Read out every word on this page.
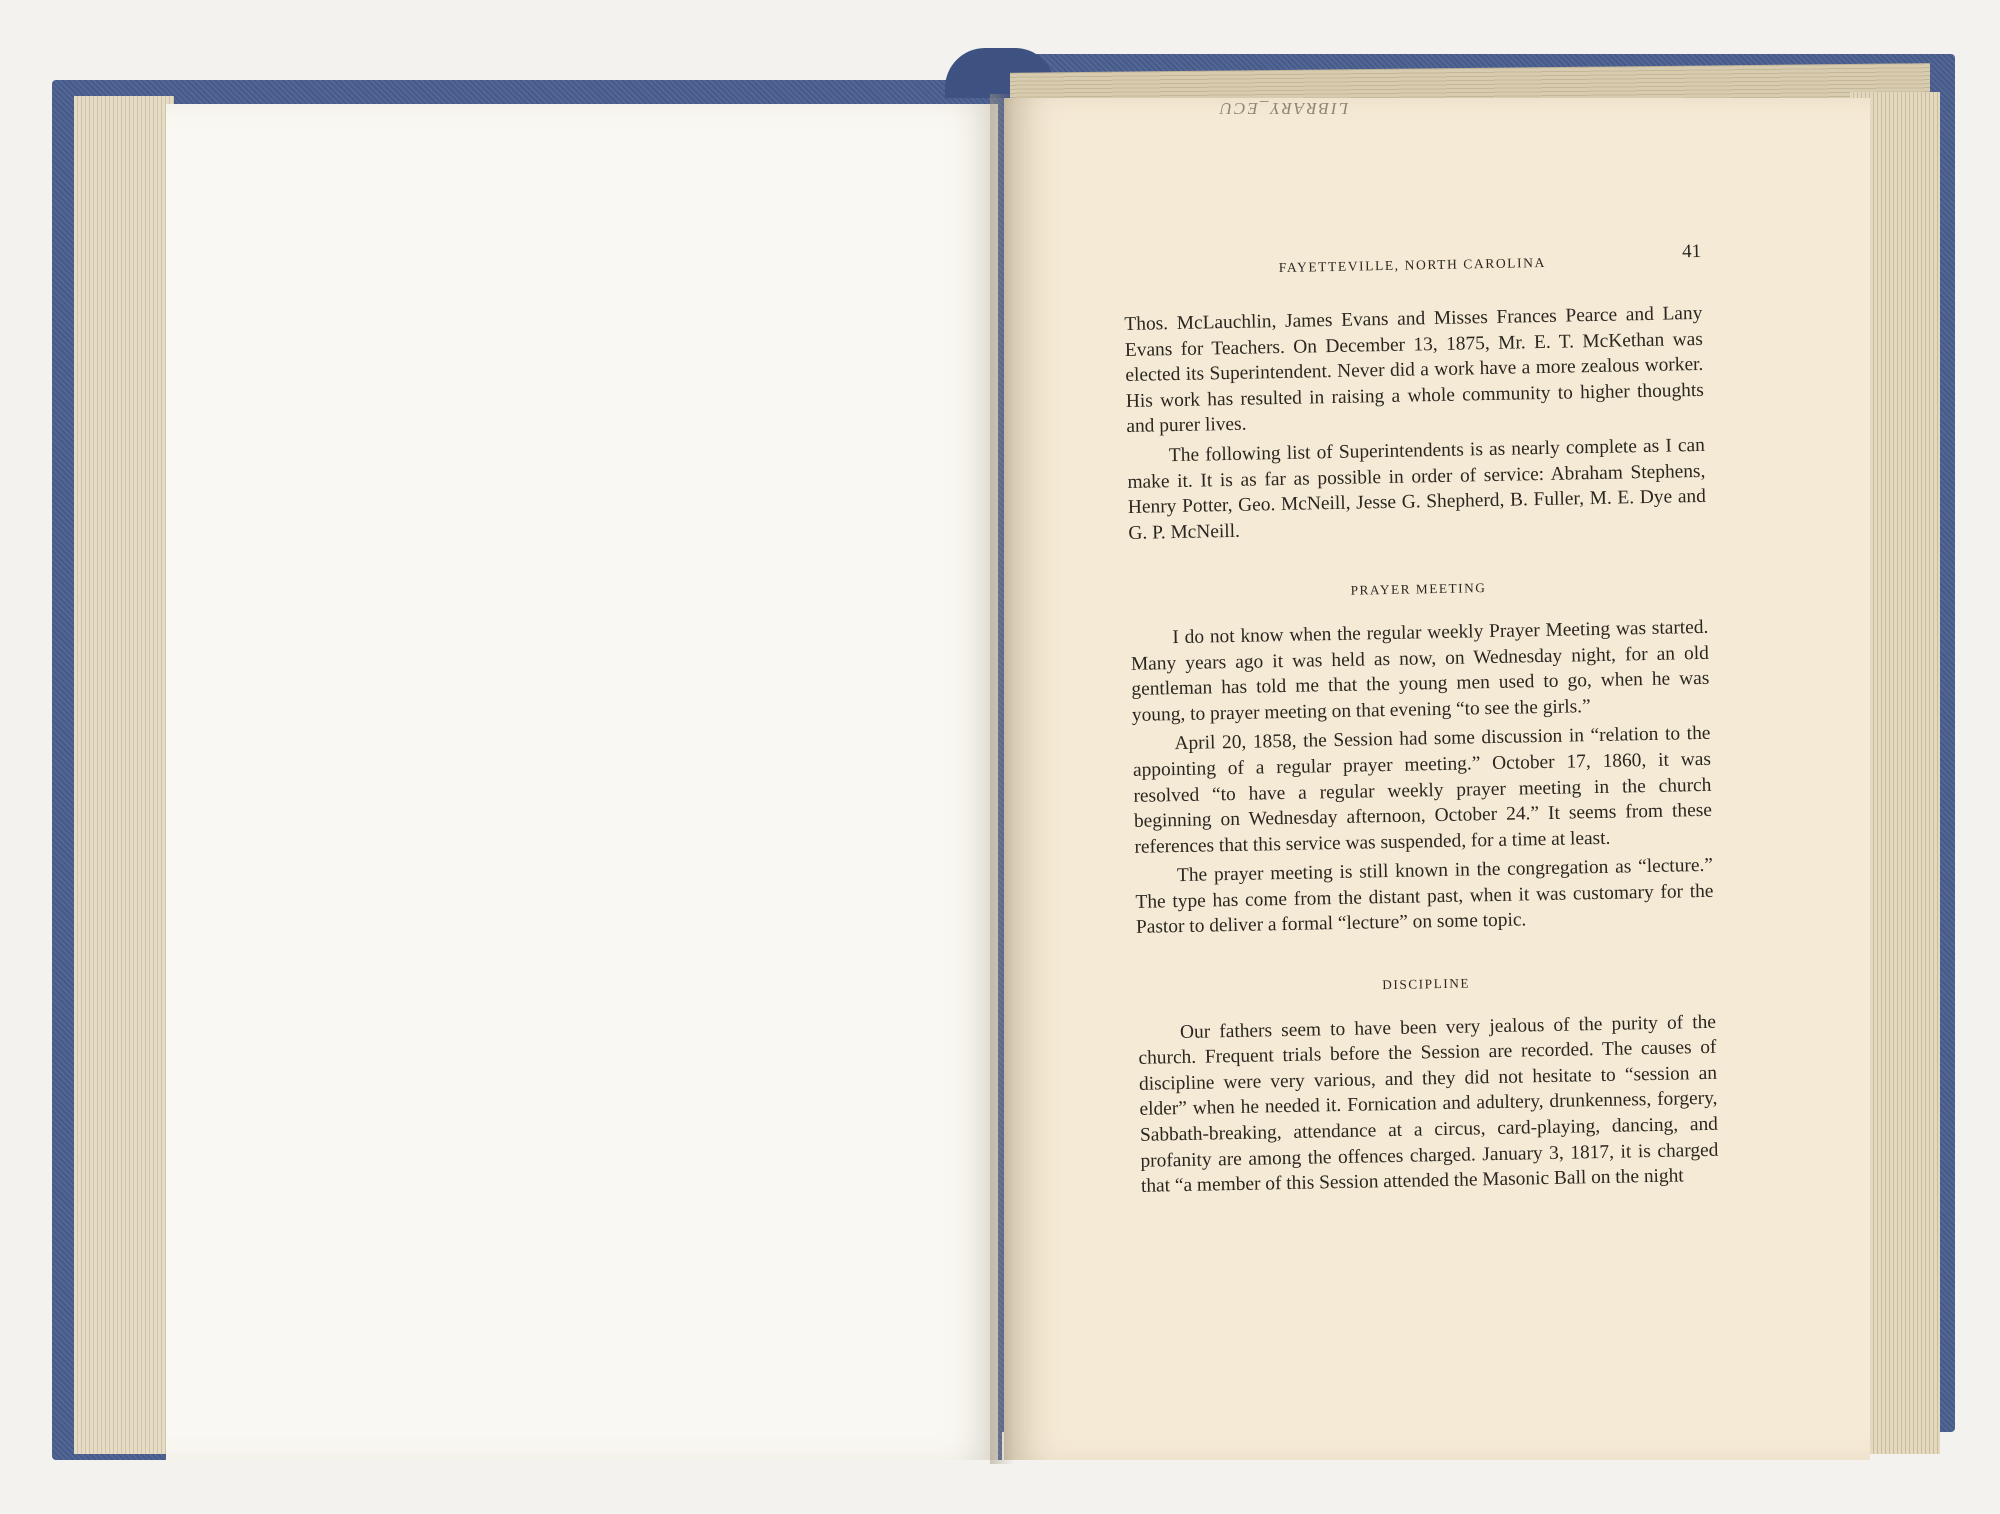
LIBRARY_ECU
FAYETTEVILLE, NORTH CAROLINA
41

Thos. McLauchlin, James Evans and Misses Frances Pearce and Lany Evans for Teachers. On December 13, 1875, Mr. E. T. McKethan was elected its Superintendent. Never did a work have a more zealous worker. His work has resulted in raising a whole community to higher thoughts and purer lives.

The following list of Superintendents is as nearly complete as I can make it. It is as far as possible in order of service: Abraham Stephens, Henry Potter, Geo. McNeill, Jesse G. Shepherd, B. Fuller, M. E. Dye and G. P. McNeill.

PRAYER MEETING

I do not know when the regular weekly Prayer Meeting was started. Many years ago it was held as now, on Wednesday night, for an old gentleman has told me that the young men used to go, when he was young, to prayer meeting on that evening “to see the girls.”

April 20, 1858, the Session had some discussion in “relation to the appointing of a regular prayer meeting.” October 17, 1860, it was resolved “to have a regular weekly prayer meeting in the church beginning on Wednesday afternoon, October 24.” It seems from these references that this service was suspended, for a time at least.

The prayer meeting is still known in the congregation as “lecture.” The type has come from the distant past, when it was customary for the Pastor to deliver a formal “lecture” on some topic.

DISCIPLINE

Our fathers seem to have been very jealous of the purity of the church. Frequent trials before the Session are recorded. The causes of discipline were very various, and they did not hesitate to “session an elder” when he needed it. Fornication and adultery, drunkenness, forgery, Sabbath-breaking, attendance at a circus, card-playing, dancing, and profanity are among the offences charged. January 3, 1817, it is charged that “a member of this Session attended the Masonic Ball on the night
